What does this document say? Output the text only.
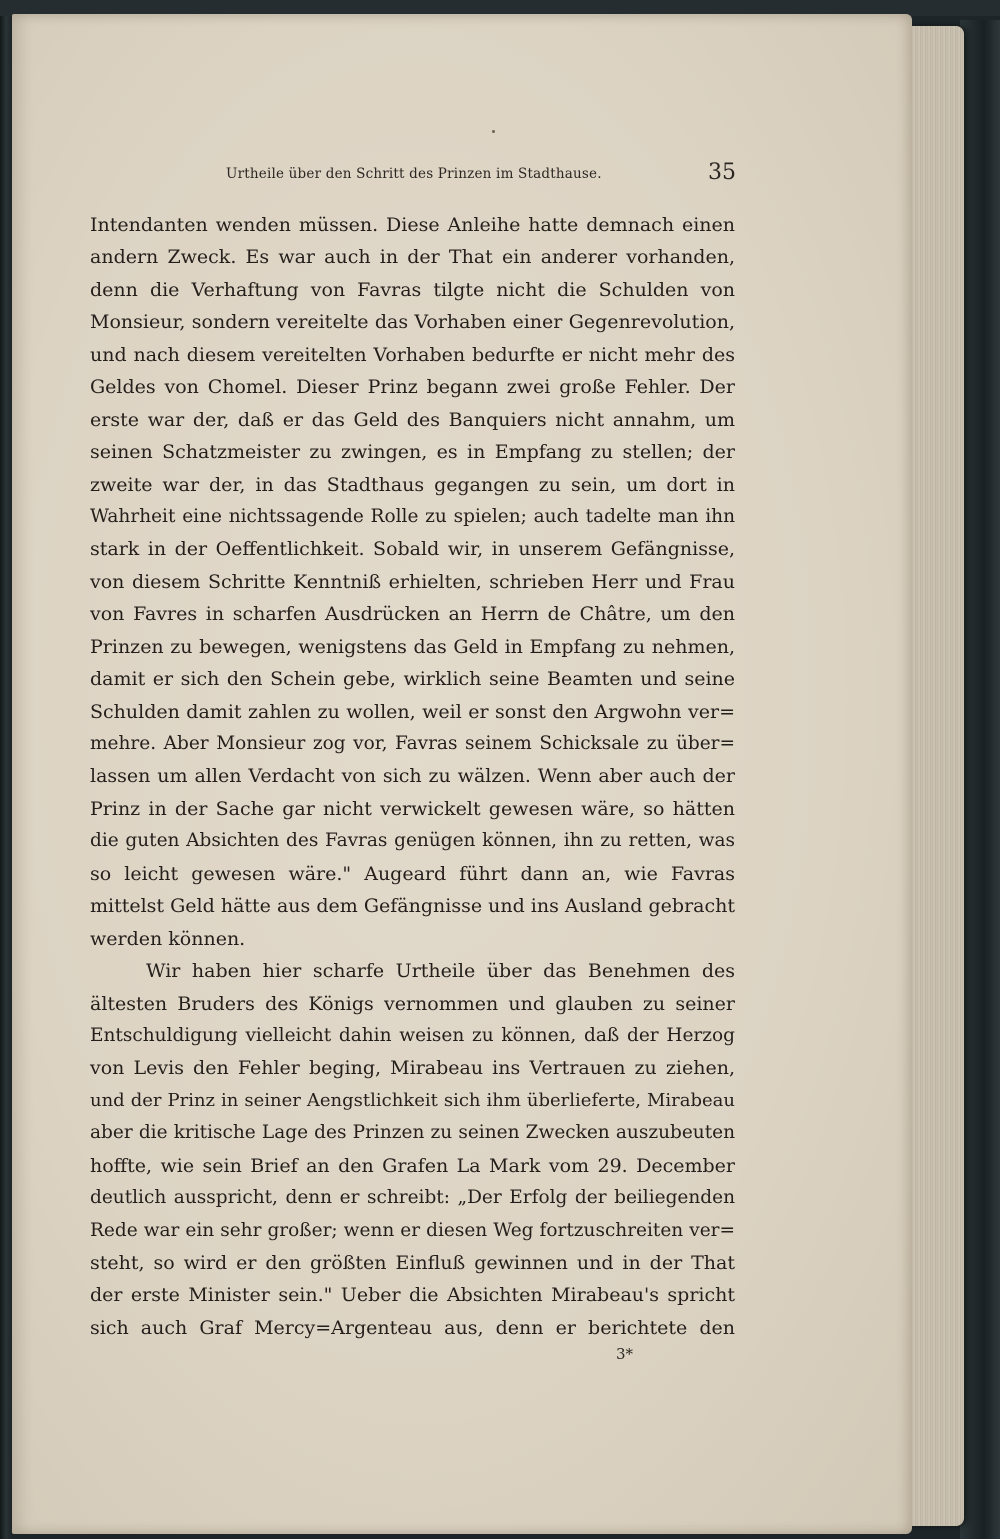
Urtheile über den Schritt des Prinzen im Stadthause.	35
Intendanten wenden müssen. Diese Anleihe hatte demnach einen
andern Zweck. Es war auch in der That ein anderer vorhanden,
denn die Verhaftung von Favras tilgte nicht die Schulden von
Monsieur, sondern vereitelte das Vorhaben einer Gegenrevolution,
und nach diesem vereitelten Vorhaben bedurfte er nicht mehr des
Geldes von Chomel. Dieser Prinz begann zwei große Fehler. Der
erste war der, daß er das Geld des Banquiers nicht annahm, um
seinen Schatzmeister zu zwingen, es in Empfang zu stellen; der
zweite war der, in das Stadthaus gegangen zu sein, um dort in
Wahrheit eine nichtssagende Rolle zu spielen; auch tadelte man ihn
stark in der Oeffentlichkeit. Sobald wir, in unserem Gefängnisse,
von diesem Schritte Kenntniß erhielten, schrieben Herr und Frau
von Favres in scharfen Ausdrücken an Herrn de Châtre, um den
Prinzen zu bewegen, wenigstens das Geld in Empfang zu nehmen,
damit er sich den Schein gebe, wirklich seine Beamten und seine
Schulden damit zahlen zu wollen, weil er sonst den Argwohn ver=
mehre. Aber Monsieur zog vor, Favras seinem Schicksale zu über=
lassen um allen Verdacht von sich zu wälzen. Wenn aber auch der
Prinz in der Sache gar nicht verwickelt gewesen wäre, so hätten
die guten Absichten des Favras genügen können, ihn zu retten, was
so leicht gewesen wäre." Augeard führt dann an, wie Favras
mittelst Geld hätte aus dem Gefängnisse und ins Ausland gebracht
werden können.
Wir haben hier scharfe Urtheile über das Benehmen des
ältesten Bruders des Königs vernommen und glauben zu seiner
Entschuldigung vielleicht dahin weisen zu können, daß der Herzog
von Levis den Fehler beging, Mirabeau ins Vertrauen zu ziehen,
und der Prinz in seiner Aengstlichkeit sich ihm überlieferte, Mirabeau
aber die kritische Lage des Prinzen zu seinen Zwecken auszubeuten
hoffte, wie sein Brief an den Grafen La Mark vom 29. December
deutlich ausspricht, denn er schreibt: „Der Erfolg der beiliegenden
Rede war ein sehr großer; wenn er diesen Weg fortzuschreiten ver=
steht, so wird er den größten Einfluß gewinnen und in der That
der erste Minister sein." Ueber die Absichten Mirabeau's spricht
sich auch Graf Mercy=Argenteau aus, denn er berichtete den
3*
